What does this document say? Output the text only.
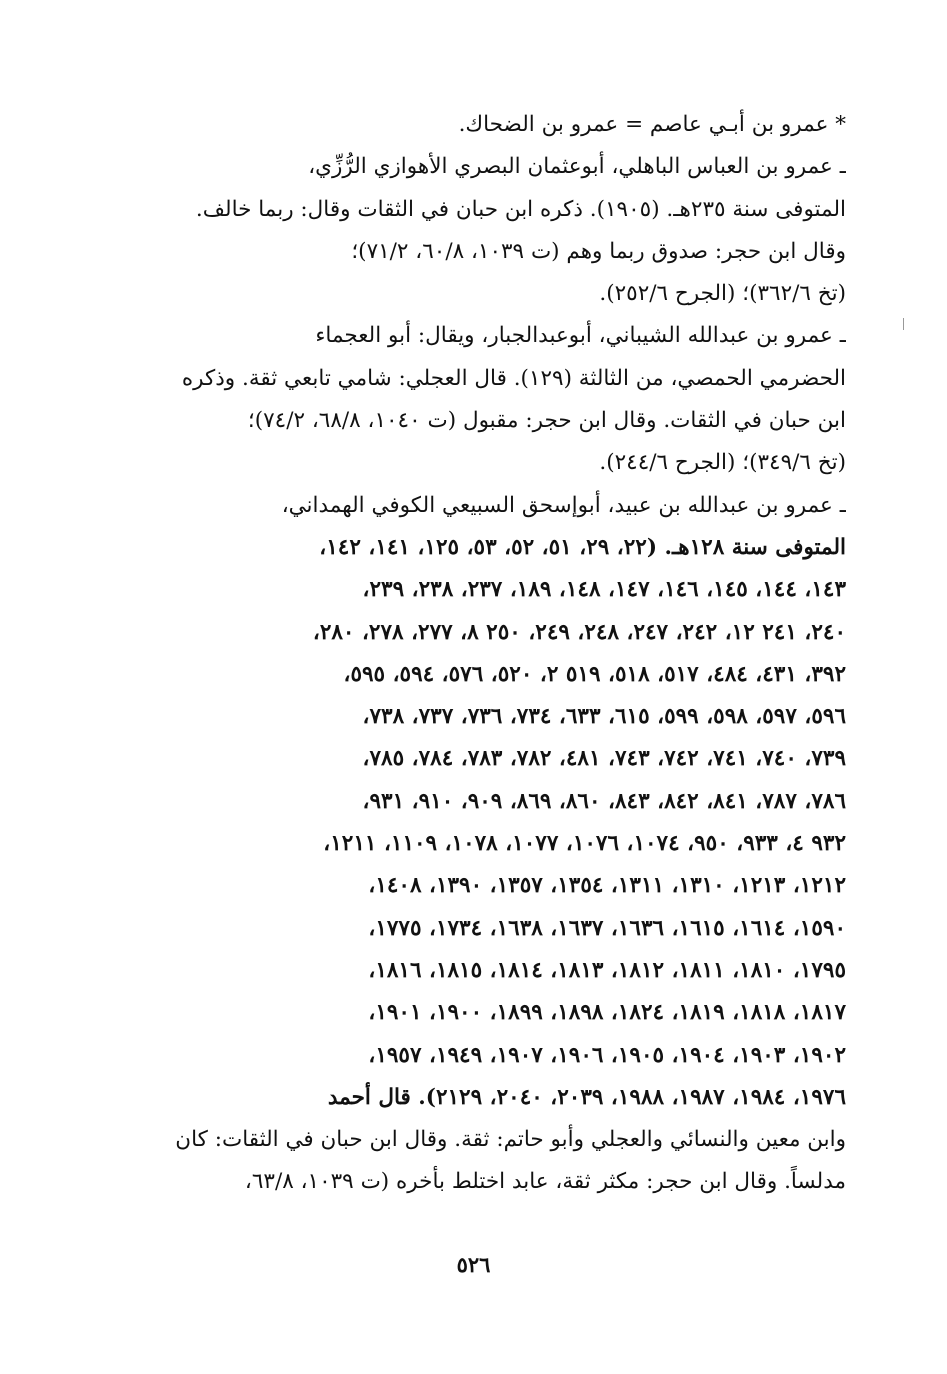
* عمرو بن أبـي عاصم = عمرو بن الضحاك.
ـ عمرو بن العباس الباهلي، أبوعثمان البصري الأهوازي الرُّزِّي،
المتوفى سنة ٢٣٥هـ. (١٩٠٥). ذكره ابن حبان في الثقات وقال: ربما خالف.
وقال ابن حجر: صدوق ربما وهم (ت ١٠٣٩، ٦٠/٨، ٧١/٢)؛
(تخ ٣٦٢/٦)؛ (الجرح ٢٥٢/٦).
ـ عمرو بن عبدالله الشيباني، أبوعبدالجبار، ويقال: أبو العجماء
الحضرمي الحمصي، من الثالثة (١٢٩). قال العجلي: شامي تابعي ثقة. وذكره
ابن حبان في الثقات. وقال ابن حجر: مقبول (ت ١٠٤٠، ٦٨/٨، ٧٤/٢)؛
(تخ ٣٤٩/٦)؛ (الجرح ٢٤٤/٦).
ـ عمرو بن عبدالله بن عبيد، أبوإسحق السبيعي الكوفي الهمداني،
المتوفى سنة ١٢٨هـ. (٢٢، ٢٩، ٥١، ٥٢، ٥٣، ١٢٥، ١٤١، ١٤٢،
١٤٣، ١٤٤، ١٤٥، ١٤٦، ١٤٧، ١٤٨، ١٨٩، ٢٣٧، ٢٣٨، ٢٣٩،
٢٤٠، ٢٤١ ١٢، ٢٤٢، ٢٤٧، ٢٤٨، ٢٤٩، ٢٥٠ ٨، ٢٧٧، ٢٧٨، ٢٨٠،
٣٩٢، ٤٣١، ٤٨٤، ٥١٧، ٥١٨، ٥١٩ ٢، ٥٢٠، ٥٧٦، ٥٩٤، ٥٩٥،
٥٩٦، ٥٩٧، ٥٩٨، ٥٩٩، ٦١٥، ٦٣٣، ٧٣٤، ٧٣٦، ٧٣٧، ٧٣٨،
٧٣٩، ٧٤٠، ٧٤١، ٧٤٢، ٧٤٣، ٤٨١، ٧٨٢، ٧٨٣، ٧٨٤، ٧٨٥،
٧٨٦، ٧٨٧، ٨٤١، ٨٤٢، ٨٤٣، ٨٦٠، ٨٦٩، ٩٠٩، ٩١٠، ٩٣١،
٩٣٢ ٤، ٩٣٣، ٩٥٠، ١٠٧٤، ١٠٧٦، ١٠٧٧، ١٠٧٨، ١١٠٩، ١٢١١،
١٢١٢، ١٢١٣، ١٣١٠، ١٣١١، ١٣٥٤، ١٣٥٧، ١٣٩٠، ١٤٠٨،
١٥٩٠، ١٦١٤، ١٦١٥، ١٦٣٦، ١٦٣٧، ١٦٣٨، ١٧٣٤، ١٧٧٥،
١٧٩٥، ١٨١٠، ١٨١١، ١٨١٢، ١٨١٣، ١٨١٤، ١٨١٥، ١٨١٦،
١٨١٧، ١٨١٨، ١٨١٩، ١٨٢٤، ١٨٩٨، ١٨٩٩، ١٩٠٠، ١٩٠١،
١٩٠٢، ١٩٠٣، ١٩٠٤، ١٩٠٥، ١٩٠٦، ١٩٠٧، ١٩٤٩، ١٩٥٧،
١٩٧٦، ١٩٨٤، ١٩٨٧، ١٩٨٨، ٢٠٣٩، ٢٠٤٠، ٢١٢٩). قال أحمد
وابن معين والنسائي والعجلي وأبو حاتم: ثقة. وقال ابن حبان في الثقات: كان
مدلساً. وقال ابن حجر: مكثر ثقة، عابد اختلط بأخره (ت ١٠٣٩، ٦٣/٨،
٥٢٦
